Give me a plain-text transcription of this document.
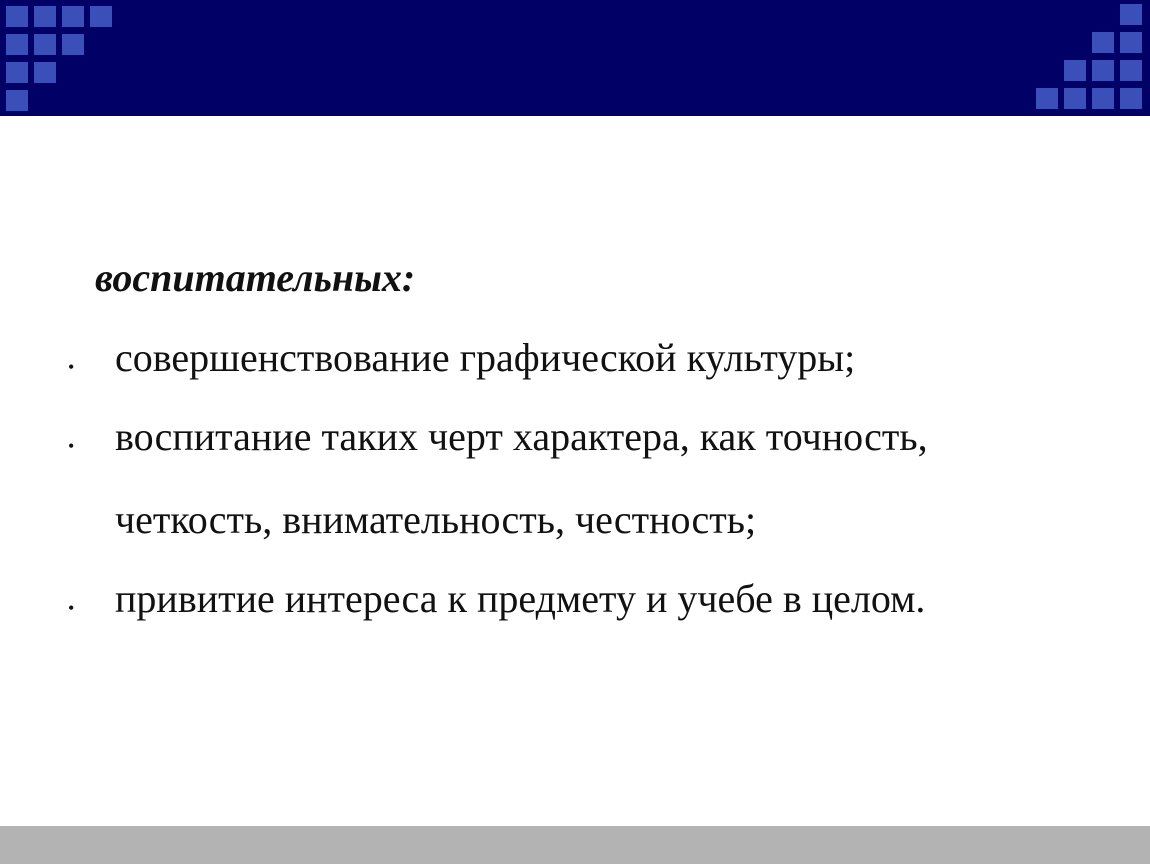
воспитательных:
• совершенствование графической культуры;
• воспитание таких черт характера, как точность,
четкость, внимательность, честность;
• привитие интереса к предмету и учебе в целом.
